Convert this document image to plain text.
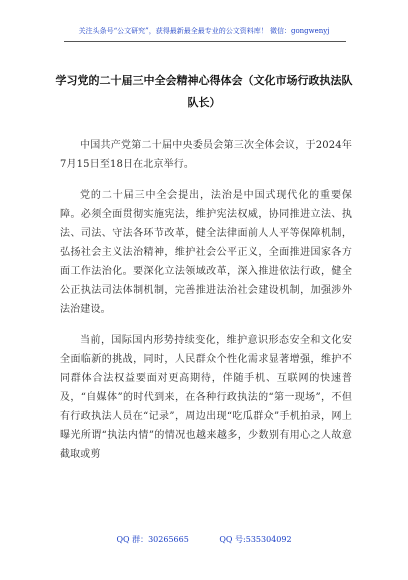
关注头条号“公文研究”，获得最新最全最专业的公文资料库！ 微信：gongwenyj
学习党的二十届三中全会精神心得体会（文化市场行政执法队队长）

中国共产党第二十届中央委员会第三次全体会议，于2024年7月15日至18日在北京举行。

党的二十届三中全会提出，法治是中国式现代化的重要保障。必须全面贯彻实施宪法，维护宪法权威，协同推进立法、执法、司法、守法各环节改革，健全法律面前人人平等保障机制，弘扬社会主义法治精神，维护社会公平正义，全面推进国家各方面工作法治化。要深化立法领域改革，深入推进依法行政，健全公正执法司法体制机制，完善推进法治社会建设机制，加强涉外法治建设。

当前，国际国内形势持续变化，维护意识形态安全和文化安全面临新的挑战，同时，人民群众个性化需求显著增强，维护不同群体合法权益要面对更高期待，伴随手机、互联网的快速普及，“自媒体”的时代到来，在各种行政执法的“第一现场”，不但有行政执法人员在“记录”，周边出现“吃瓜群众”手机拍录，网上曝光所谓“执法内情”的情况也越来越多，少数别有用心之人故意截取或剪

QQ 群：30265665	QQ 号:535304092
